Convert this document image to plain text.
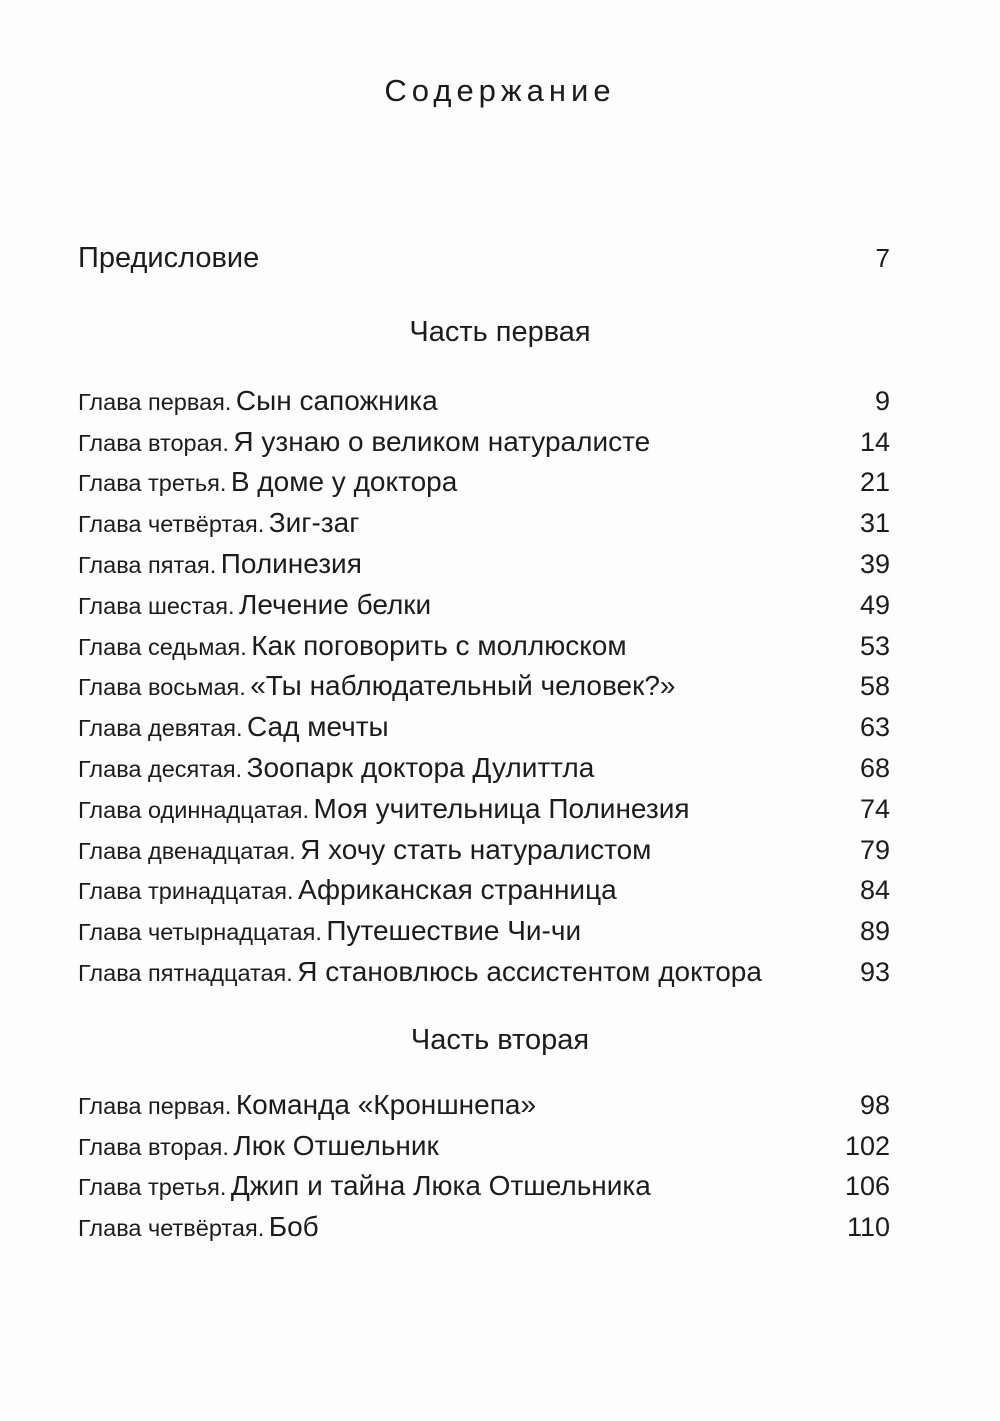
Содержание
Предисловие	7
Часть первая
Глава первая. Сын сапожника	9
Глава вторая. Я узнаю о великом натуралисте	14
Глава третья. В доме у доктора	21
Глава четвёртая. Зиг-заг	31
Глава пятая. Полинезия	39
Глава шестая. Лечение белки	49
Глава седьмая. Как поговорить с моллюском	53
Глава восьмая. «Ты наблюдательный человек?»	58
Глава девятая. Сад мечты	63
Глава десятая. Зоопарк доктора Дулиттла	68
Глава одиннадцатая. Моя учительница Полинезия	74
Глава двенадцатая. Я хочу стать натуралистом	79
Глава тринадцатая. Африканская странница	84
Глава четырнадцатая. Путешествие Чи-чи	89
Глава пятнадцатая. Я становлюсь ассистентом доктора	93
Часть вторая
Глава первая. Команда «Кроншнепа»	98
Глава вторая. Люк Отшельник	102
Глава третья. Джип и тайна Люка Отшельника	106
Глава четвёртая. Боб	110
